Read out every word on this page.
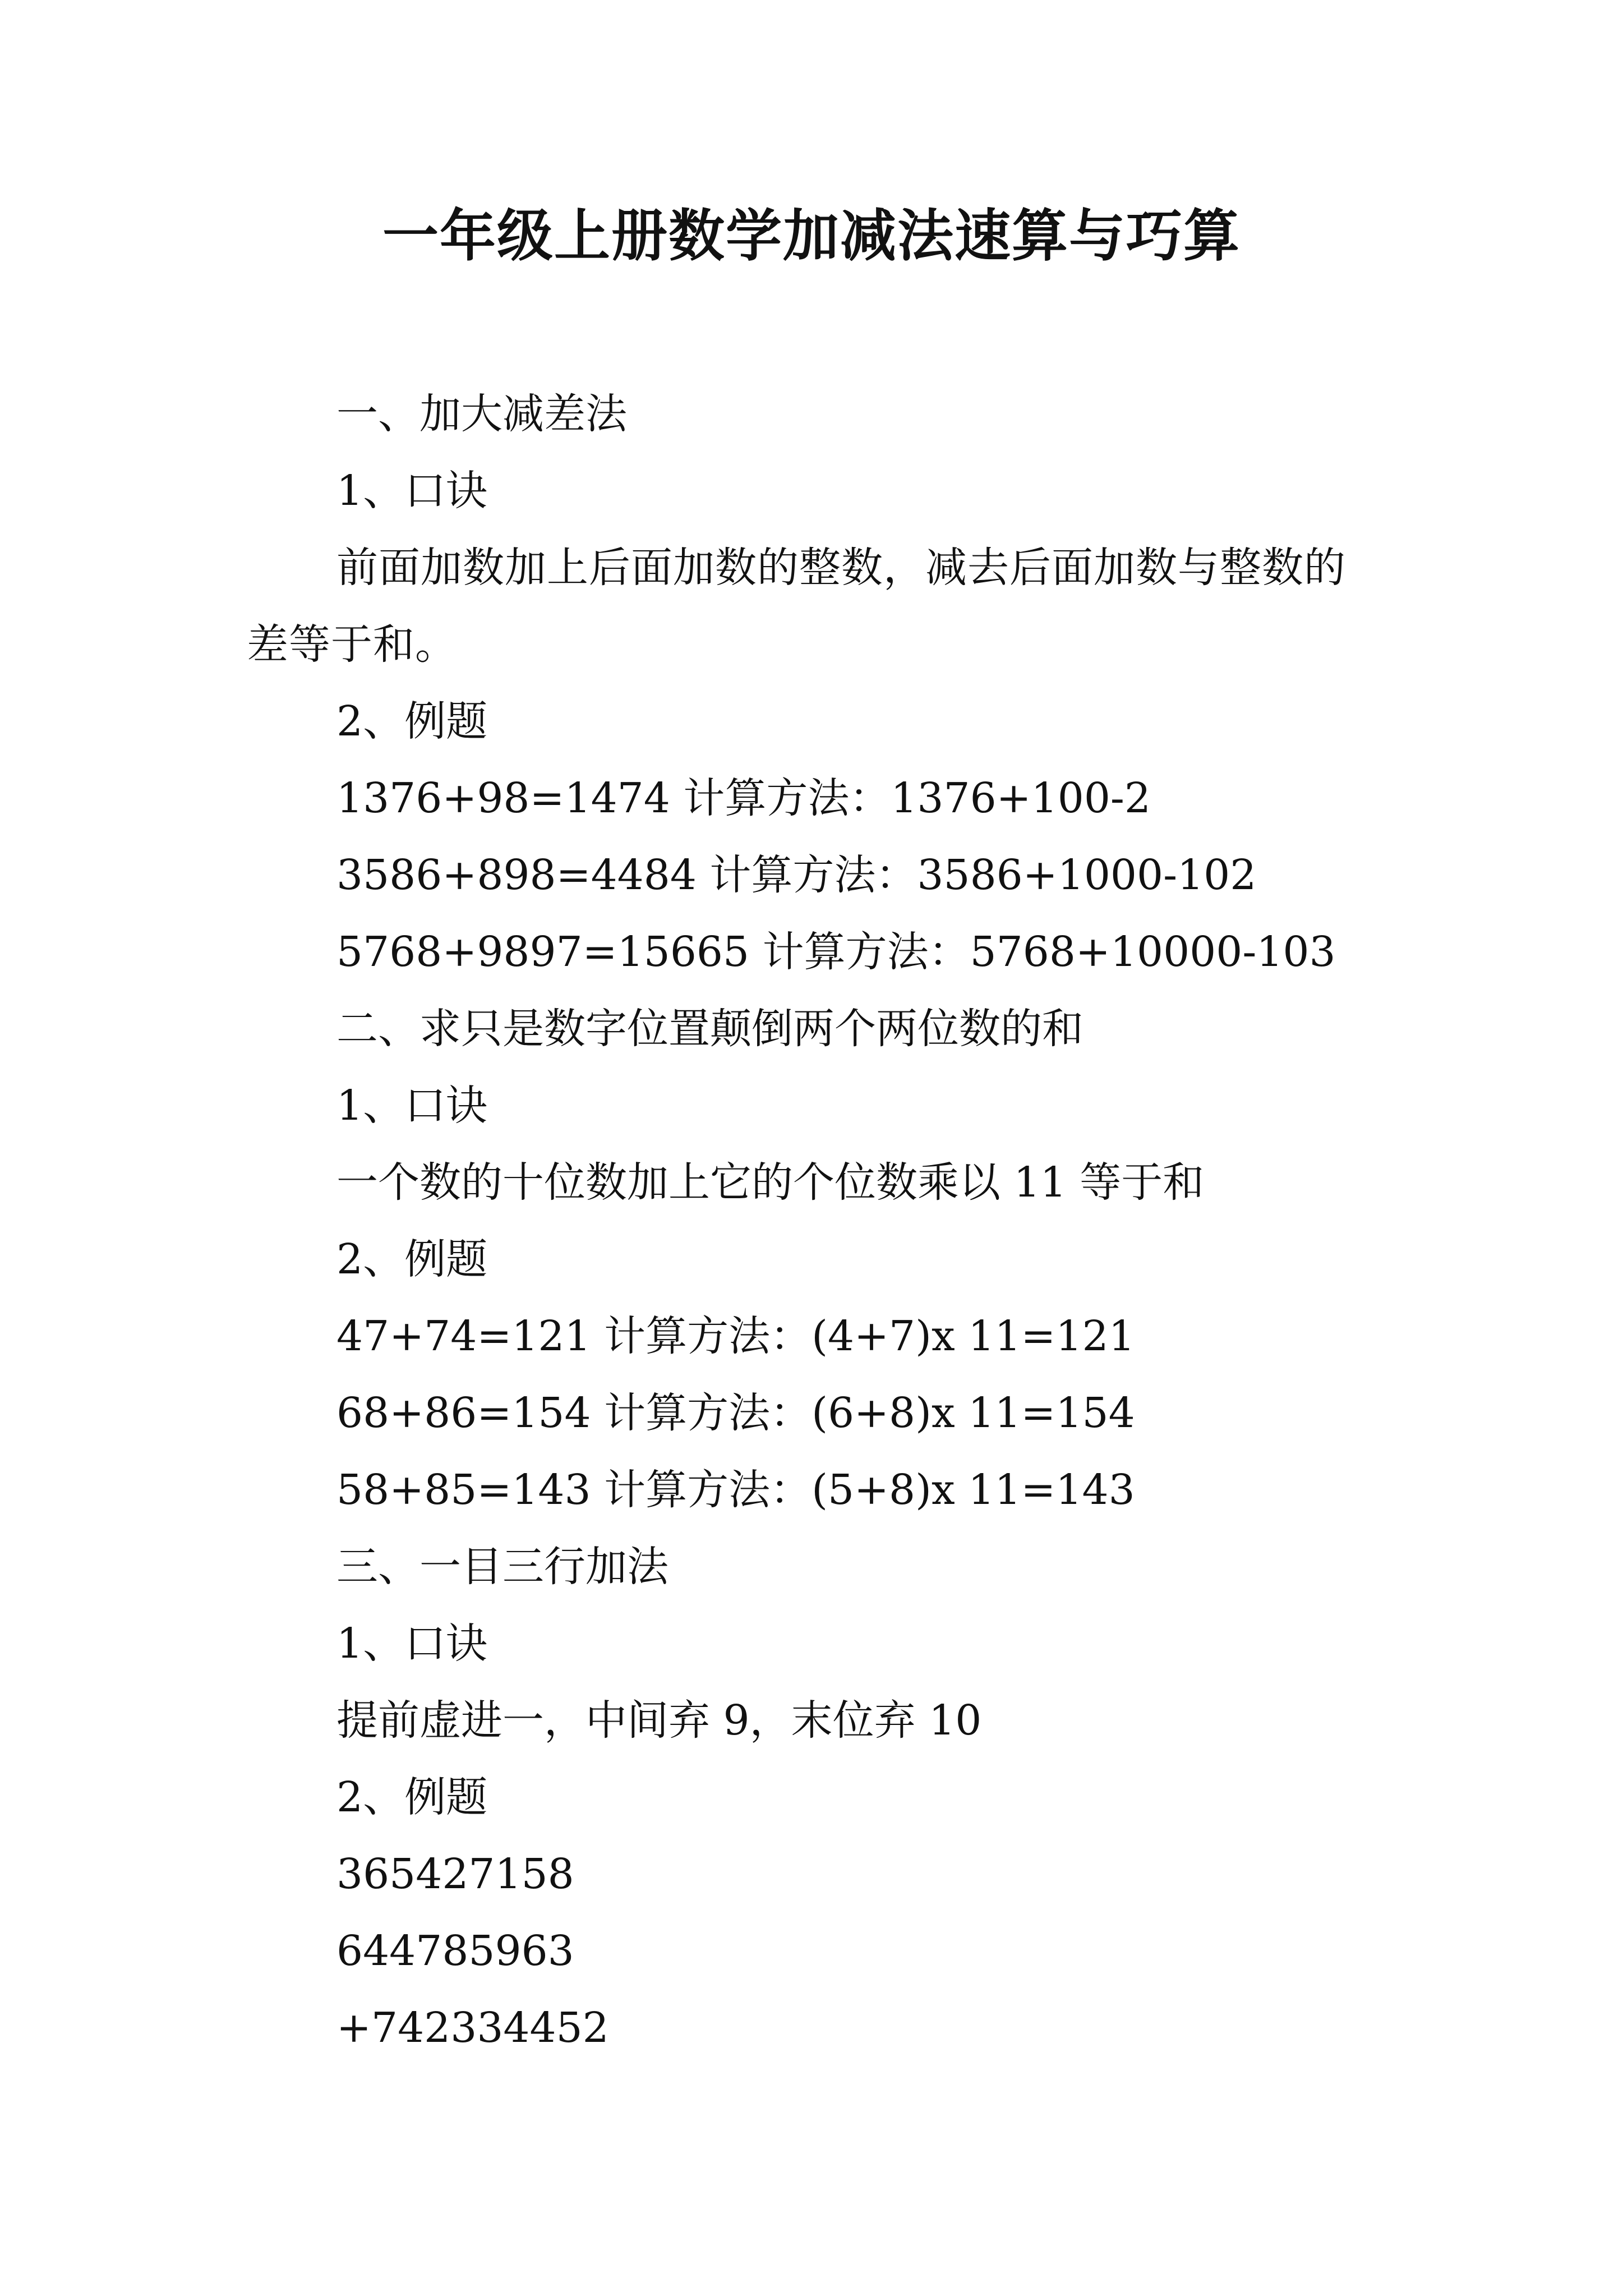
一年级上册数学加减法速算与巧算

一、加大减差法

1、口诀

前面加数加上后面加数的整数，减去后面加数与整数的差等于和。

2、例题

1376+98=1474 计算方法：1376+100-2

3586+898=4484 计算方法：3586+1000-102

5768+9897=15665 计算方法：5768+10000-103

二、求只是数字位置颠倒两个两位数的和

1、口诀

一个数的十位数加上它的个位数乘以 11 等于和

2、例题

47+74=121 计算方法：(4+7)x 11=121

68+86=154 计算方法：(6+8)x 11=154

58+85=143 计算方法：(5+8)x 11=143

三、一目三行加法

1、口诀

提前虚进一，中间弃 9，末位弃 10

2、例题

365427158

644785963

+742334452
